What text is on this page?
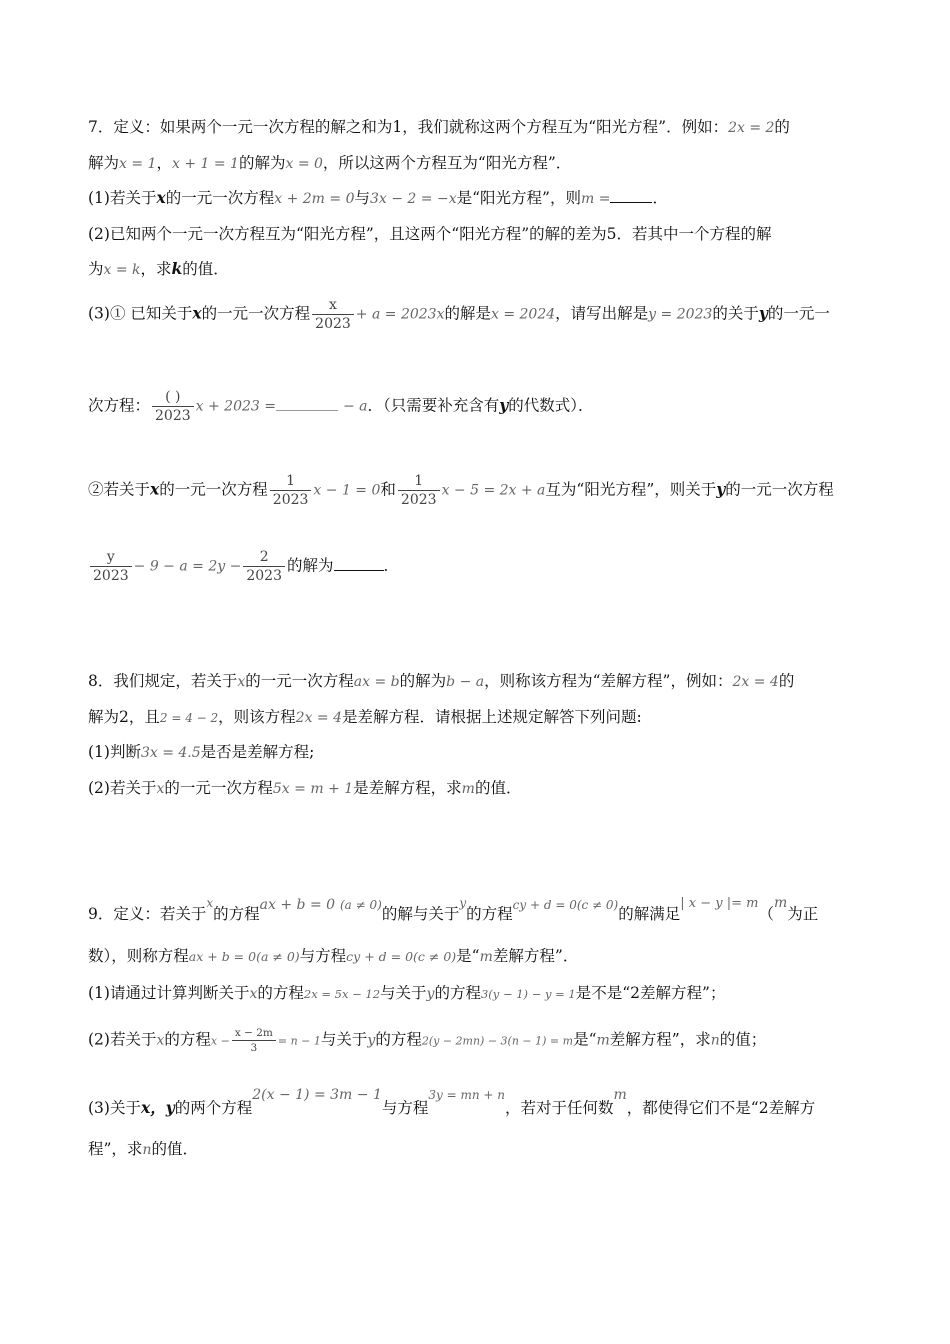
7．定义：如果两个一元一次方程的解之和为1，我们就称这两个方程互为“阳光方程”．例如：2x = 2的
解为x = 1，x + 1 = 1的解为x = 0，所以这两个方程互为“阳光方程”．
(1)若关于x的一元一次方程x + 2m = 0与3x − 2 = −x是“阳光方程”，则m =	．
(2)已知两个一元一次方程互为“阳光方程”，且这两个“阳光方程”的解的差为5．若其中一个方程的解
为x = k，求k的值．
(3)① 已知关于x的一元一次方程 $\frac{x}{2023} + a = 2023x$的解是x = 2024，请写出解是y = 2023的关于y的一元一
次方程： $\frac{( )}{2023}$ x + 2023 =	− a．（只需要补充含有y的代数式）．
②若关于x的一元一次方程 $\frac{1}{2023}$ x − 1 = 0和 $\frac{1}{2023}$ x − 5 = 2x + a互为“阳光方程”，则关于y的一元一次方程
$\frac{y}{2023} - 9 - a = 2y - \frac{2}{2023}$ 的解为	．
8．我们规定，若关于x的一元一次方程ax = b的解为b − a，则称该方程为“差解方程”，例如：2x = 4的
解为2，且2 = 4 − 2，则该方程2x = 4是差解方程．请根据上述规定解答下列问题:
(1)判断3x = 4.5是否是差解方程;
(2)若关于x的一元一次方程5x = m + 1是差解方程，求m的值．
9．定义：若关于$^x$的方程ax + b = 0 $^{(a \ne 0)}$的解与关于$^y$的方程$^{cy + d = 0(c \ne 0)}$的解满足$^{| x - y |= m}$（m为正
数），则称方程ax + b = 0(a ≠ 0)与方程cy + d = 0(c ≠ 0)是“m差解方程”．
(1)请通过计算判断关于x的方程2x = 5x − 12与关于y的方程3(y − 1) − y = 1是不是“2差解方程”；
(2)若关于x的方程$x - \frac{x - 2m}{3} = n - 1$与关于y的方程2(y − 2mn) − 3(n − 1) = m是“m差解方程”，求n的值；
(3)关于x，y的两个方程2(x − 1) = 3m − 1与方程$^{3y = mn + n}$，若对于任何数m，都使得它们不是“2差解方
程”，求n的值．
